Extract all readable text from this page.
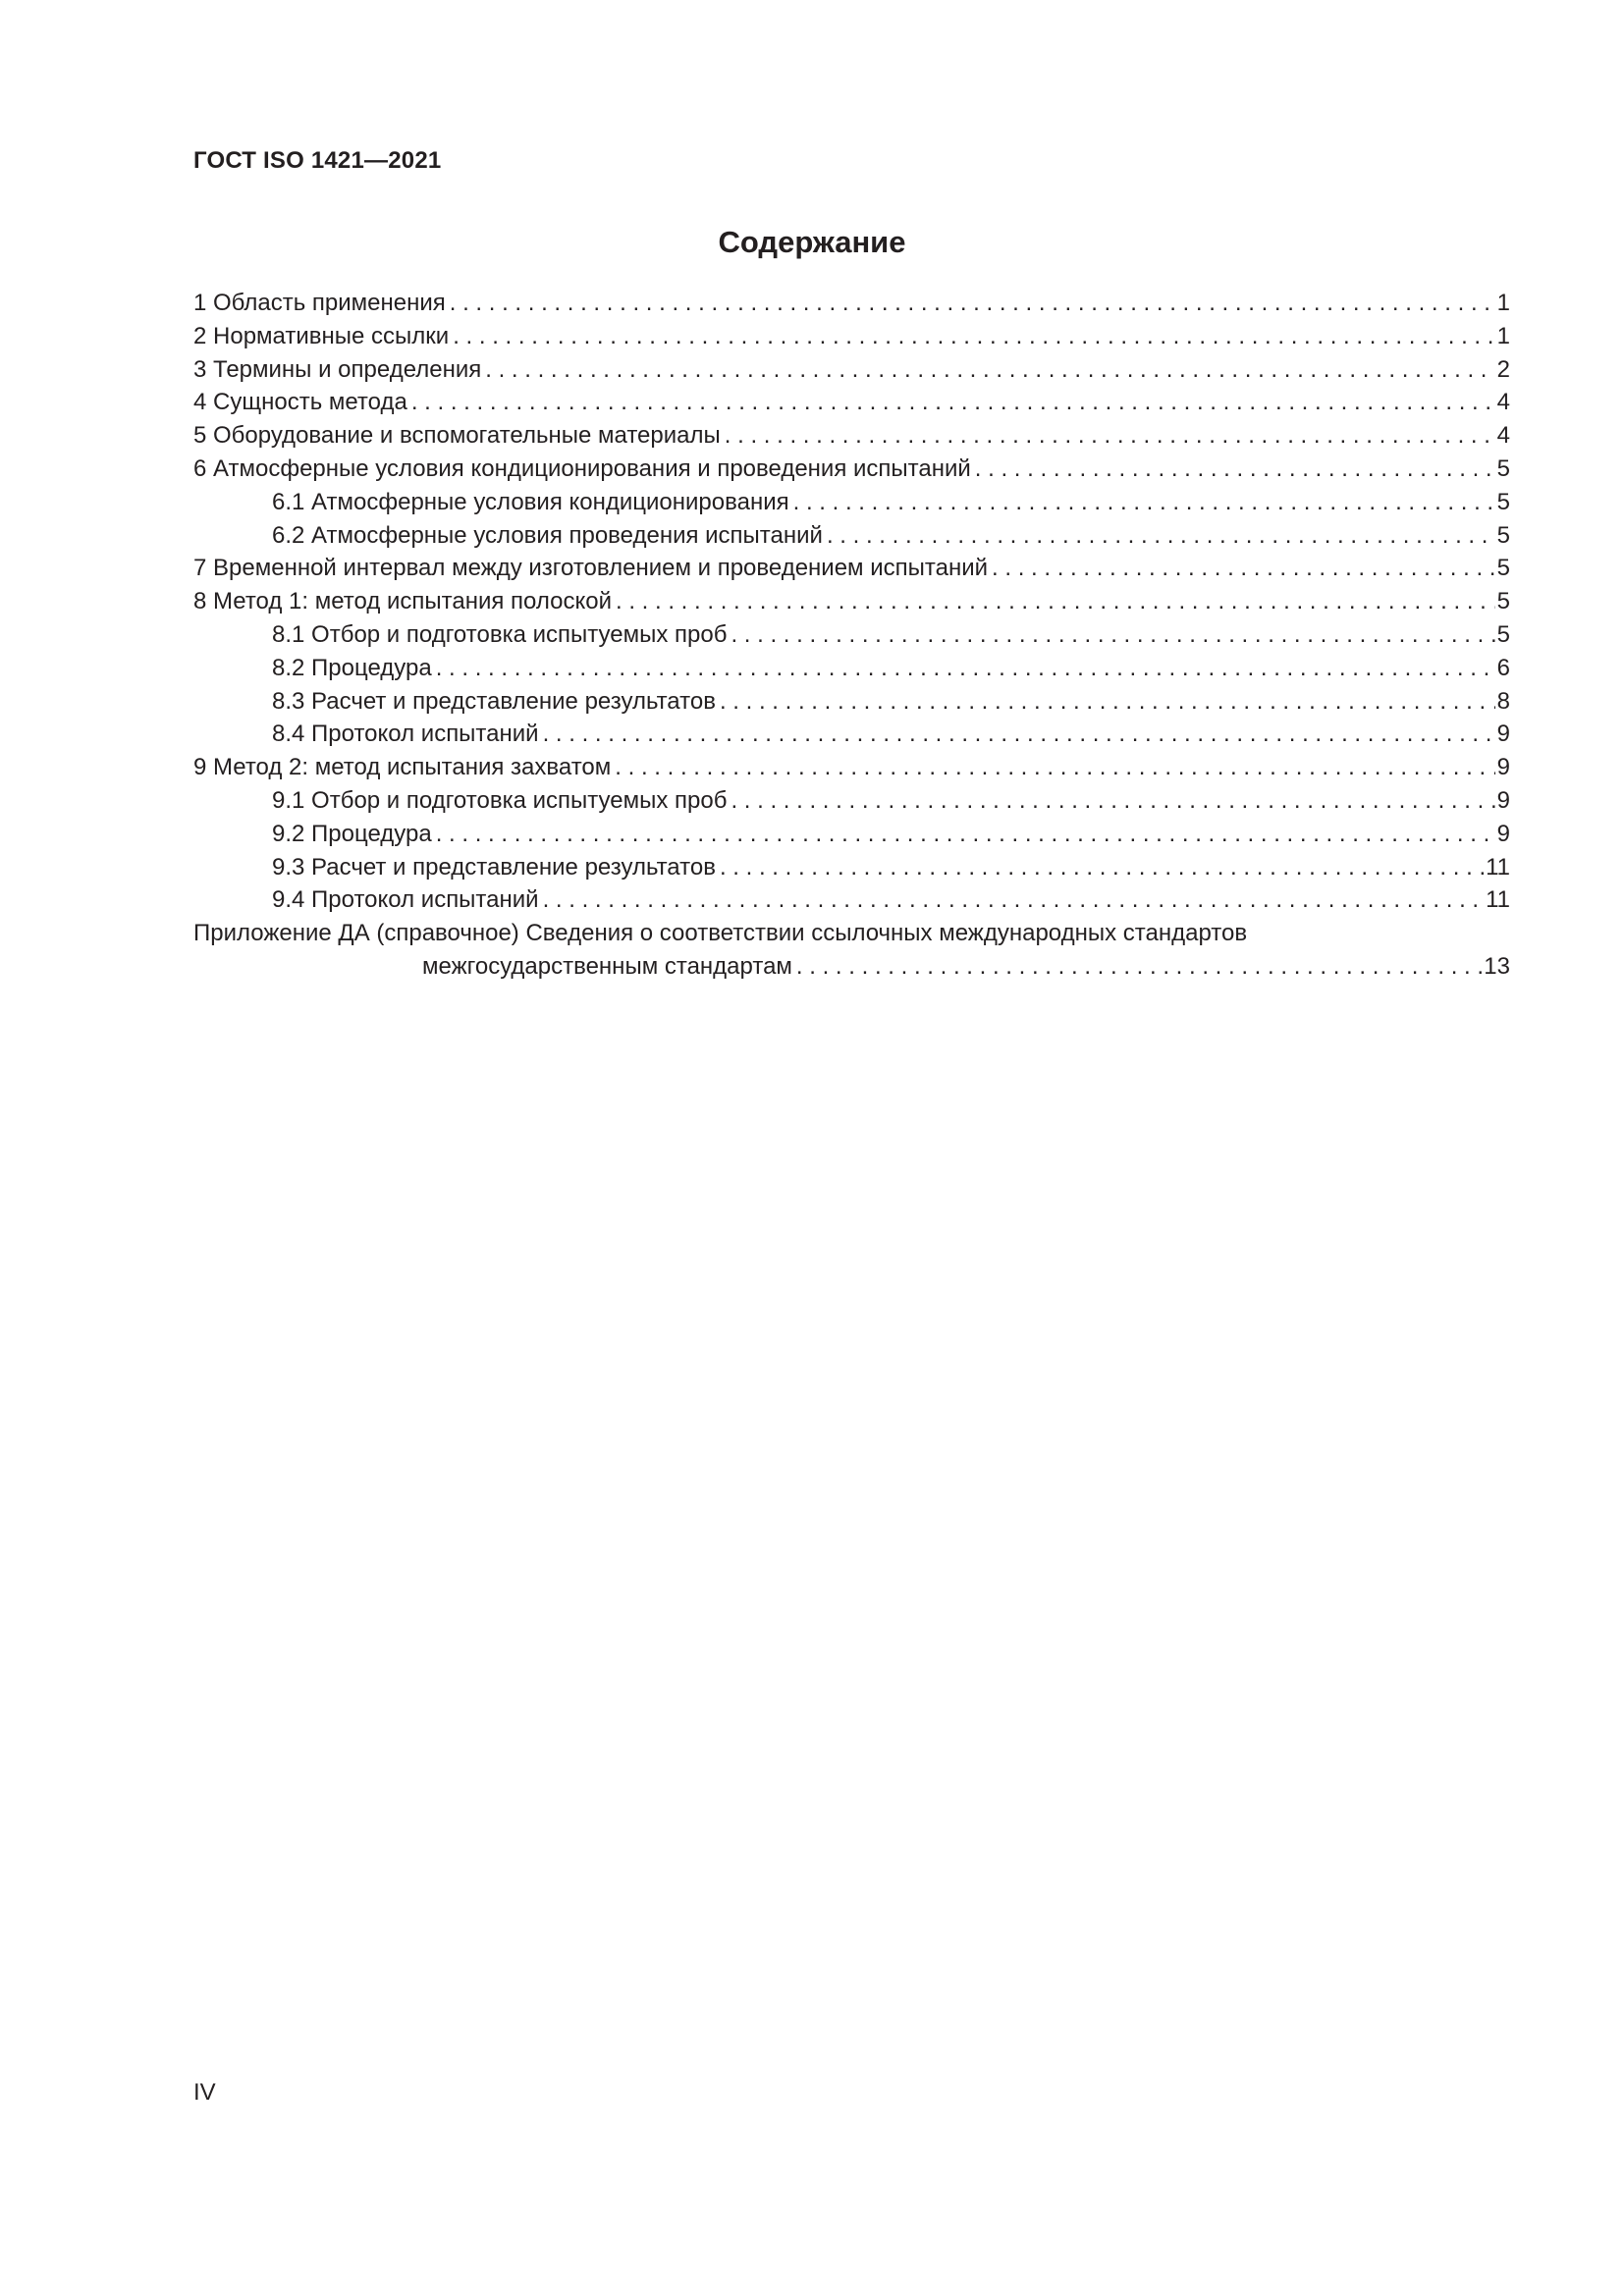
ГОСТ ISO 1421—2021
Содержание
1 Область применения . . .	1
2 Нормативные ссылки . . .	1
3 Термины и определения . . .	2
4 Сущность метода . . .	4
5 Оборудование и вспомогательные материалы . . .	4
6 Атмосферные условия кондиционирования и проведения испытаний . . .	5
6.1 Атмосферные условия кондиционирования . . .	5
6.2 Атмосферные условия проведения испытаний . . .	5
7 Временной интервал между изготовлением и проведением испытаний . . .	5
8 Метод 1: метод испытания полоской . . .	5
8.1 Отбор и подготовка испытуемых проб . . .	5
8.2 Процедура . . .	6
8.3 Расчет и представление результатов . . .	8
8.4 Протокол испытаний . . .	9
9 Метод 2: метод испытания захватом . . .	9
9.1 Отбор и подготовка испытуемых проб . . .	9
9.2 Процедура . . .	9
9.3 Расчет и представление результатов . . .	11
9.4 Протокол испытаний . . .	11
Приложение ДА (справочное) Сведения о соответствии ссылочных международных стандартов
межгосударственным стандартам . . .	13
IV
